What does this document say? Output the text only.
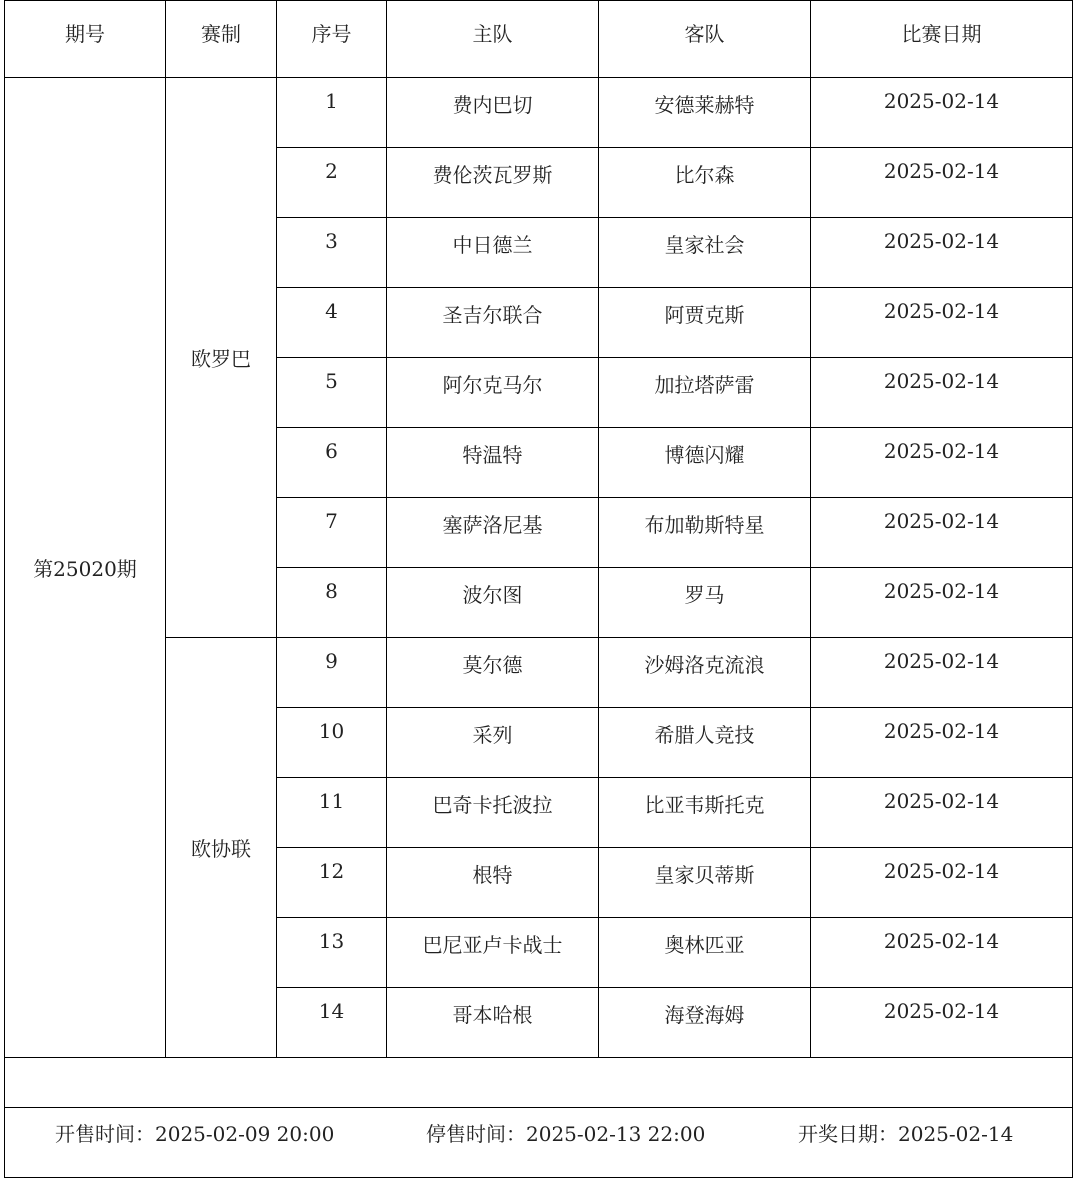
期号	赛制	序号	主队	客队	比赛日期
第25020期	欧罗巴	1	费内巴切	安德莱赫特	2025-02-14
		2	费伦茨瓦罗斯	比尔森	2025-02-14
		3	中日德兰	皇家社会	2025-02-14
		4	圣吉尔联合	阿贾克斯	2025-02-14
		5	阿尔克马尔	加拉塔萨雷	2025-02-14
		6	特温特	博德闪耀	2025-02-14
		7	塞萨洛尼基	布加勒斯特星	2025-02-14
		8	波尔图	罗马	2025-02-14
	欧协联	9	莫尔德	沙姆洛克流浪	2025-02-14
		10	采列	希腊人竞技	2025-02-14
		11	巴奇卡托波拉	比亚韦斯托克	2025-02-14
		12	根特	皇家贝蒂斯	2025-02-14
		13	巴尼亚卢卡战士	奥林匹亚	2025-02-14
		14	哥本哈根	海登海姆	2025-02-14

开售时间：2025-02-09 20:00 停售时间：2025-02-13 22:00 开奖日期：2025-02-14					
